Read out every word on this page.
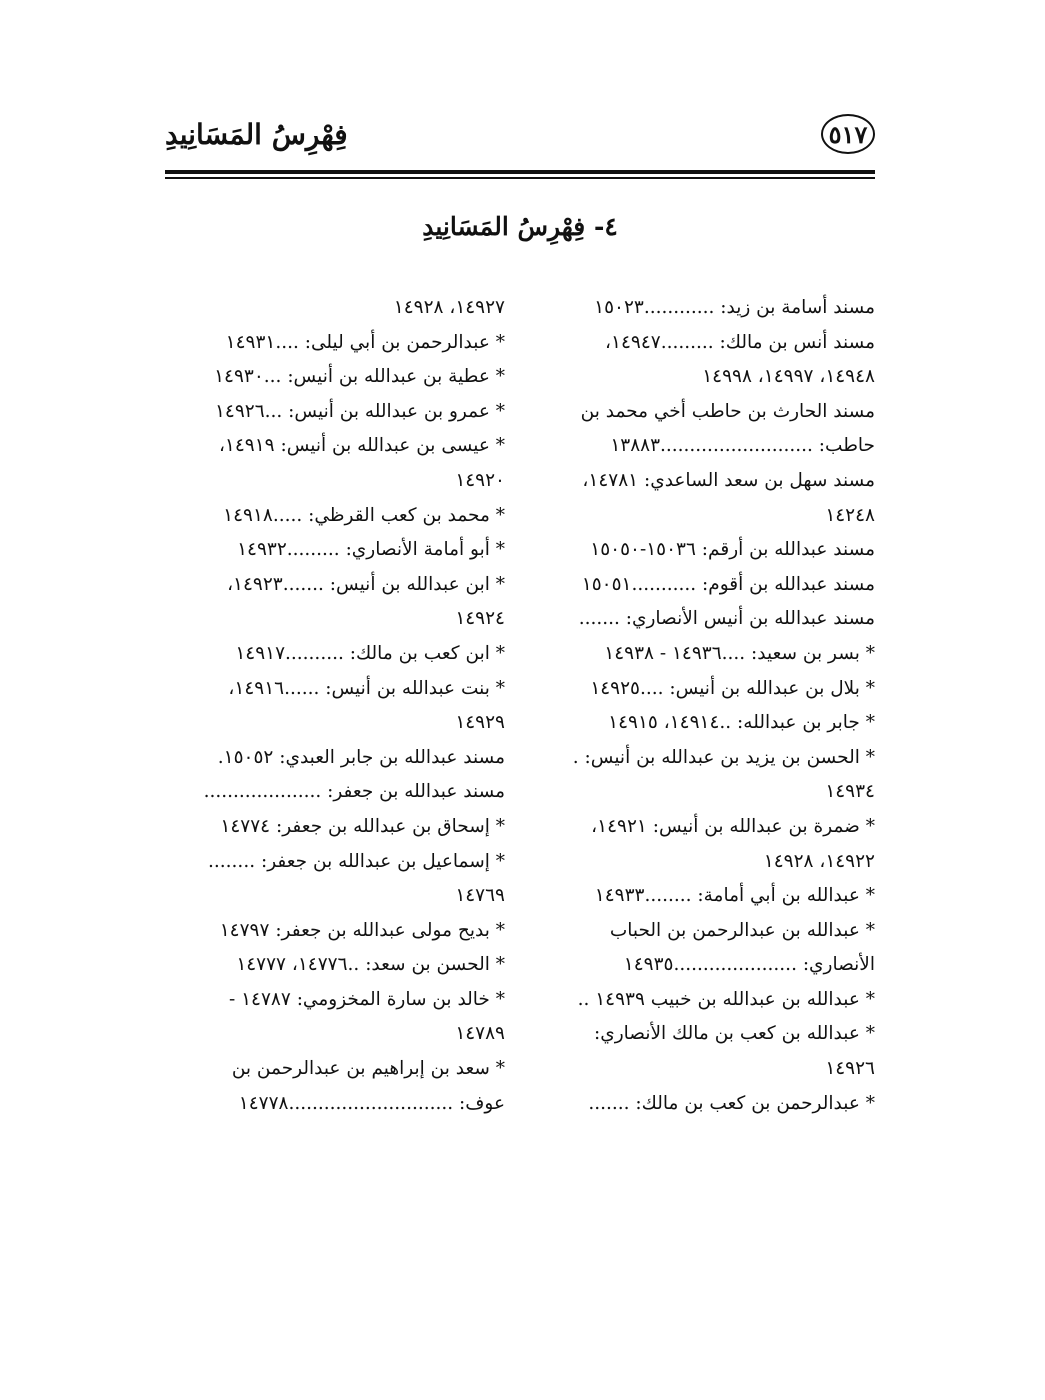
٥١٧
فِهْرِسُ المَسَانِيدِ
٤- فِهْرِسُ المَسَانِيدِ
مسند أسامة بن زيد: ............١٥٠٢٣
مسند أنس بن مالك: .........١٤٩٤٧،
١٤٩٤٨، ١٤٩٩٧، ١٤٩٩٨
مسند الحارث بن حاطب أخي محمد بن
حاطب: ..........................١٣٨٨٣
مسند سهل بن سعد الساعدي: ١٤٧٨١،
١٤٢٤٨
مسند عبدالله بن أرقم: ١٥٠٣٦-١٥٠٥٠
مسند عبدالله بن أقوم: ...........١٥٠٥١
مسند عبدالله بن أنيس الأنصاري: .......
* بسر بن سعيد: ....١٤٩٣٦ - ١٤٩٣٨
* بلال بن عبدالله بن أنيس: ....١٤٩٢٥
* جابر بن عبدالله: ..١٤٩١٤، ١٤٩١٥
* الحسن بن يزيد بن عبدالله بن أنيس: .
١٤٩٣٤
* ضمرة بن عبدالله بن أنيس: ١٤٩٢١،
١٤٩٢٢، ١٤٩٢٨
* عبدالله بن أبي أمامة: ........١٤٩٣٣
* عبدالله بن عبدالرحمن بن الحباب
الأنصاري: .....................١٤٩٣٥
* عبدالله بن عبدالله بن خبيب ١٤٩٣٩ ..
* عبدالله بن كعب بن مالك الأنصاري:
١٤٩٢٦
* عبدالرحمن بن كعب بن مالك: .......
١٤٩٢٧، ١٤٩٢٨
* عبدالرحمن بن أبي ليلى: ....١٤٩٣١
* عطية بن عبدالله بن أنيس: ...١٤٩٣٠
* عمرو بن عبدالله بن أنيس: ...١٤٩٢٦
* عيسى بن عبدالله بن أنيس: ١٤٩١٩،
١٤٩٢٠
* محمد بن كعب القرظي: .....١٤٩١٨
* أبو أمامة الأنصاري: .........١٤٩٣٢
* ابن عبدالله بن أنيس: .......١٤٩٢٣،
١٤٩٢٤
* ابن كعب بن مالك: ..........١٤٩١٧
* بنت عبدالله بن أنيس: ......١٤٩١٦،
١٤٩٢٩
مسند عبدالله بن جابر العبدي: ١٥٠٥٢.
مسند عبدالله بن جعفر: ....................
* إسحاق بن عبدالله بن جعفر: ١٤٧٧٤
* إسماعيل بن عبدالله بن جعفر: ........
١٤٧٦٩
* بديح مولى عبدالله بن جعفر: ١٤٧٩٧
* الحسن بن سعد: ..١٤٧٧٦، ١٤٧٧٧
* خالد بن سارة المخزومي: ١٤٧٨٧ -
١٤٧٨٩
* سعد بن إبراهيم بن عبدالرحمن بن
عوف: ............................١٤٧٧٨
